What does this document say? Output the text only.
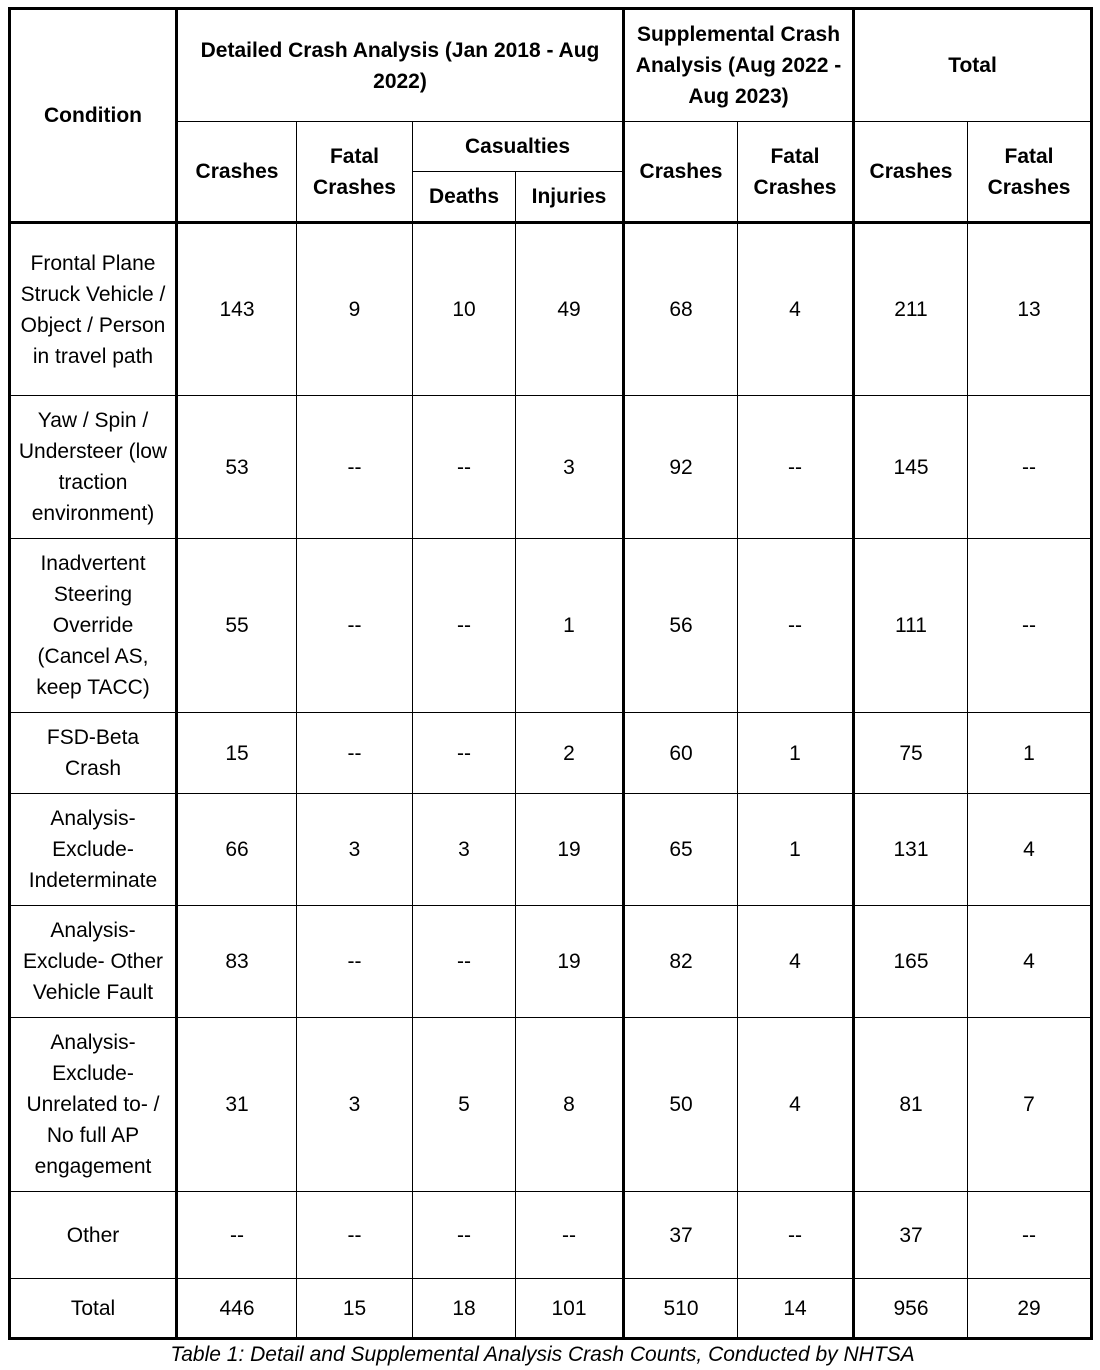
Condition	Detailed Crash Analysis (Jan 2018 - Aug 2022)				Supplemental Crash Analysis (Aug 2022 - Aug 2023)		Total	
	Crashes	Fatal Crashes	Casualties		Crashes	Fatal Crashes	Crashes	Fatal Crashes
			Deaths	Injuries				
Frontal Plane Struck Vehicle / Object / Person in travel path	143	9	10	49	68	4	211	13
Yaw / Spin / Understeer (low traction environment)	53	--	--	3	92	--	145	--
Inadvertent Steering Override (Cancel AS, keep TACC)	55	--	--	1	56	--	111	--
FSD-Beta Crash	15	--	--	2	60	1	75	1
Analysis-Exclude-Indeterminate	66	3	3	19	65	1	131	4
Analysis-Exclude- Other Vehicle Fault	83	--	--	19	82	4	165	4
Analysis-Exclude-Unrelated to- / No full AP engagement	31	3	5	8	50	4	81	7
Other	--	--	--	--	37	--	37	--
Total	446	15	18	101	510	14	956	29
Table 1: Detail and Supplemental Analysis Crash Counts, Conducted by NHTSA
